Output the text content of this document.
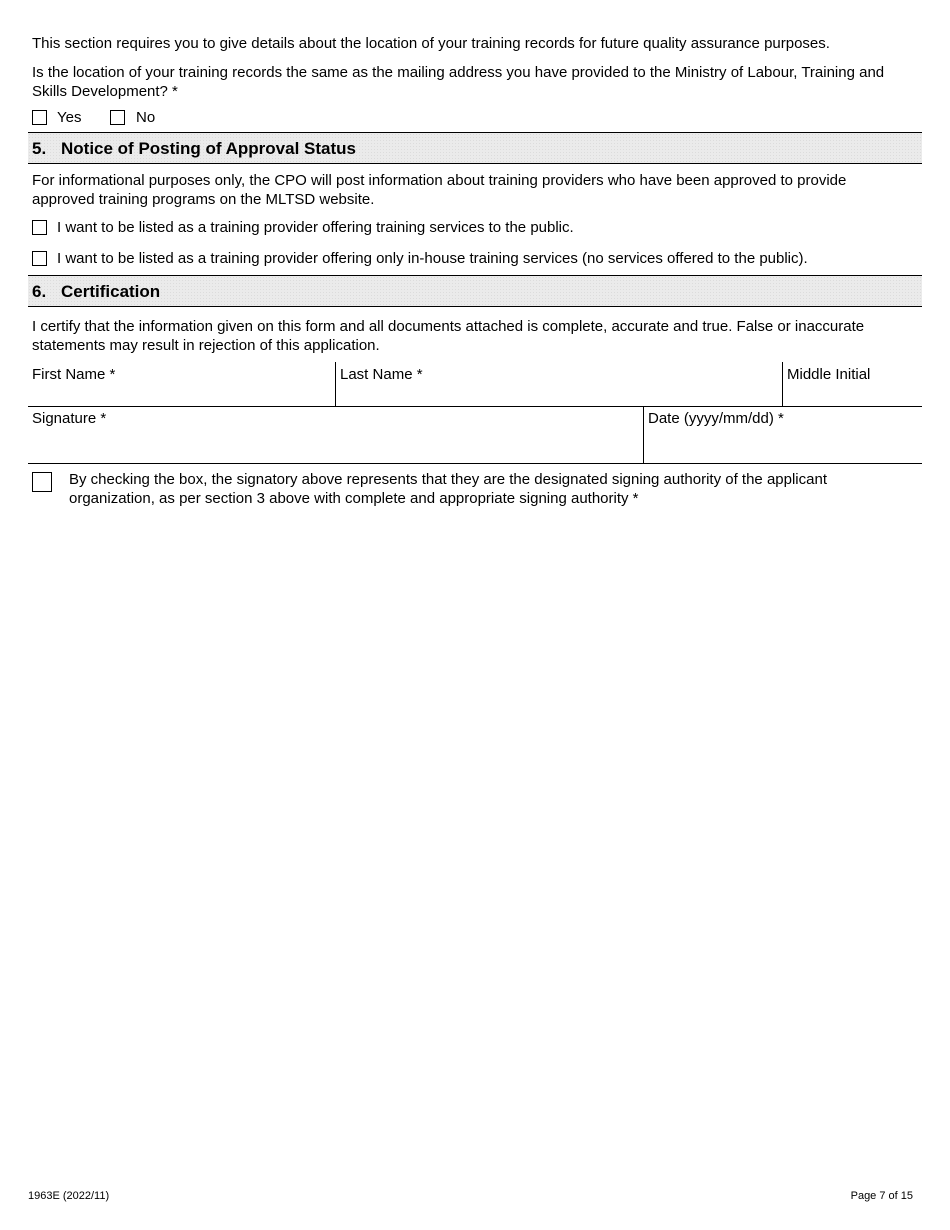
This section requires you to give details about the location of your training records for future quality assurance purposes.
Is the location of your training records the same as the mailing address you have provided to the Ministry of Labour, Training and
Skills Development? *
Yes	No
5. Notice of Posting of Approval Status
For informational purposes only, the CPO will post information about training providers who have been approved to provide
approved training programs on the MLTSD website.
I want to be listed as a training provider offering training services to the public.
I want to be listed as a training provider offering only in-house training services (no services offered to the public).
6. Certification
I certify that the information given on this form and all documents attached is complete, accurate and true. False or inaccurate
statements may result in rejection of this application.
First Name *	Last Name *	Middle Initial
Signature *	Date (yyyy/mm/dd) *
By checking the box, the signatory above represents that they are the designated signing authority of the applicant
organization, as per section 3 above with complete and appropriate signing authority *
1963E (2022/11)	Page 7 of 15
